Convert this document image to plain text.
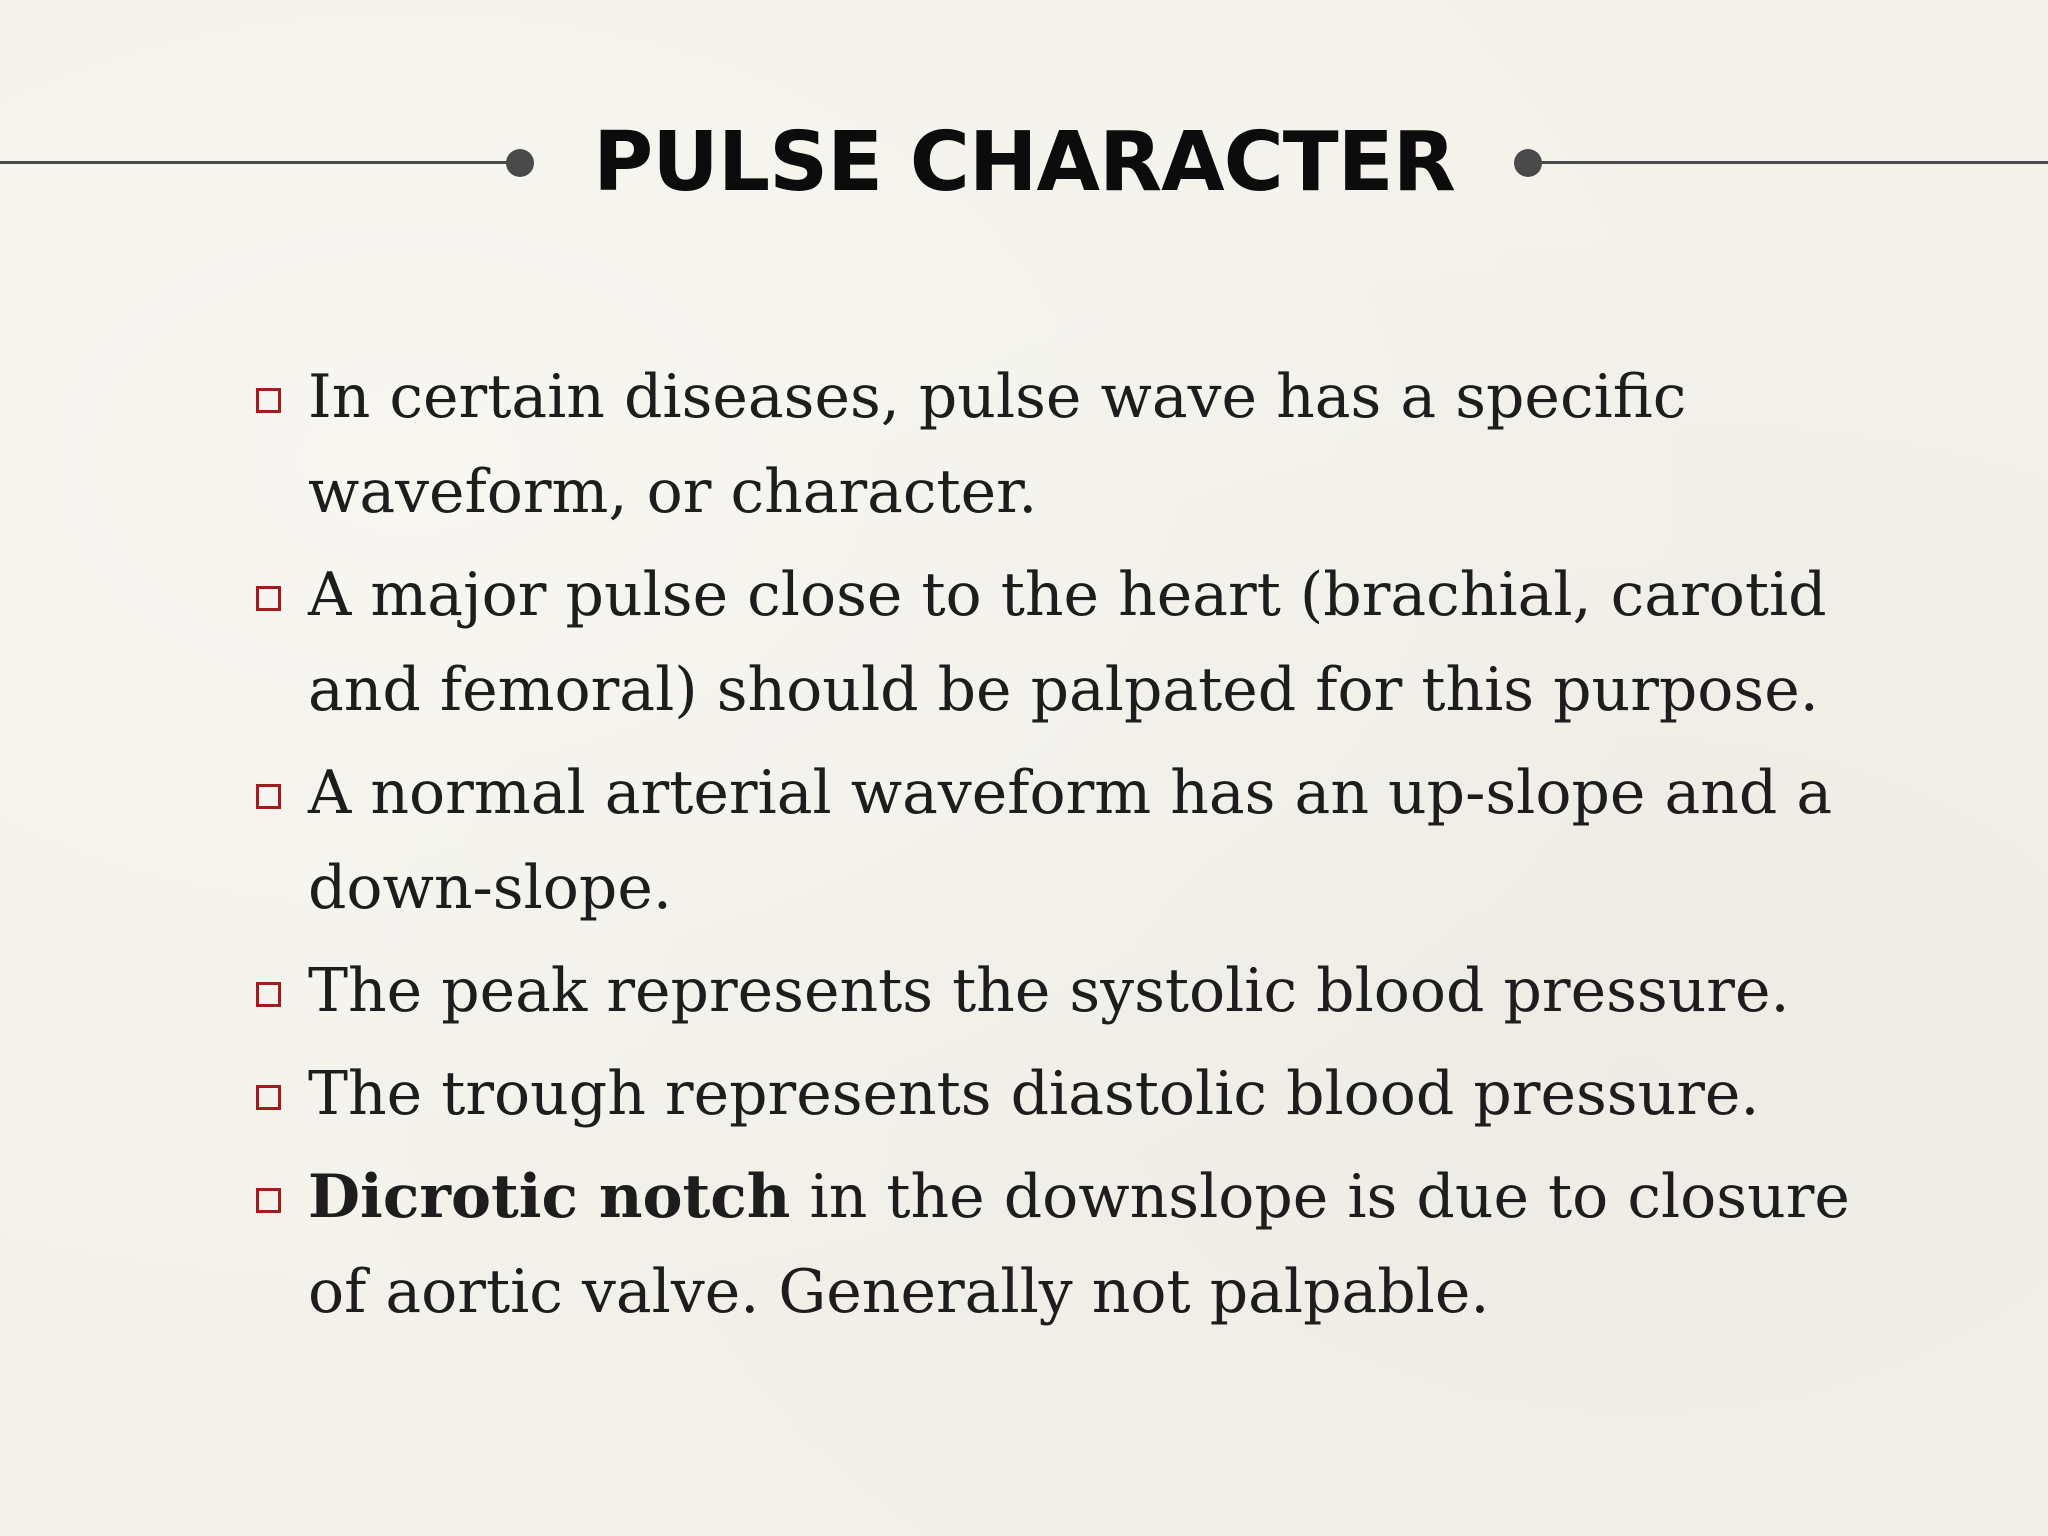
PULSE CHARACTER
In certain diseases, pulse wave has a specific waveform, or character.
A major pulse close to the heart (brachial, carotid and femoral) should be palpated for this purpose.
A normal arterial waveform has an up-slope and a down-slope.
The peak represents the systolic blood pressure.
The trough represents diastolic blood pressure.
Dicrotic notch in the downslope is due to closure of aortic valve. Generally not palpable.
